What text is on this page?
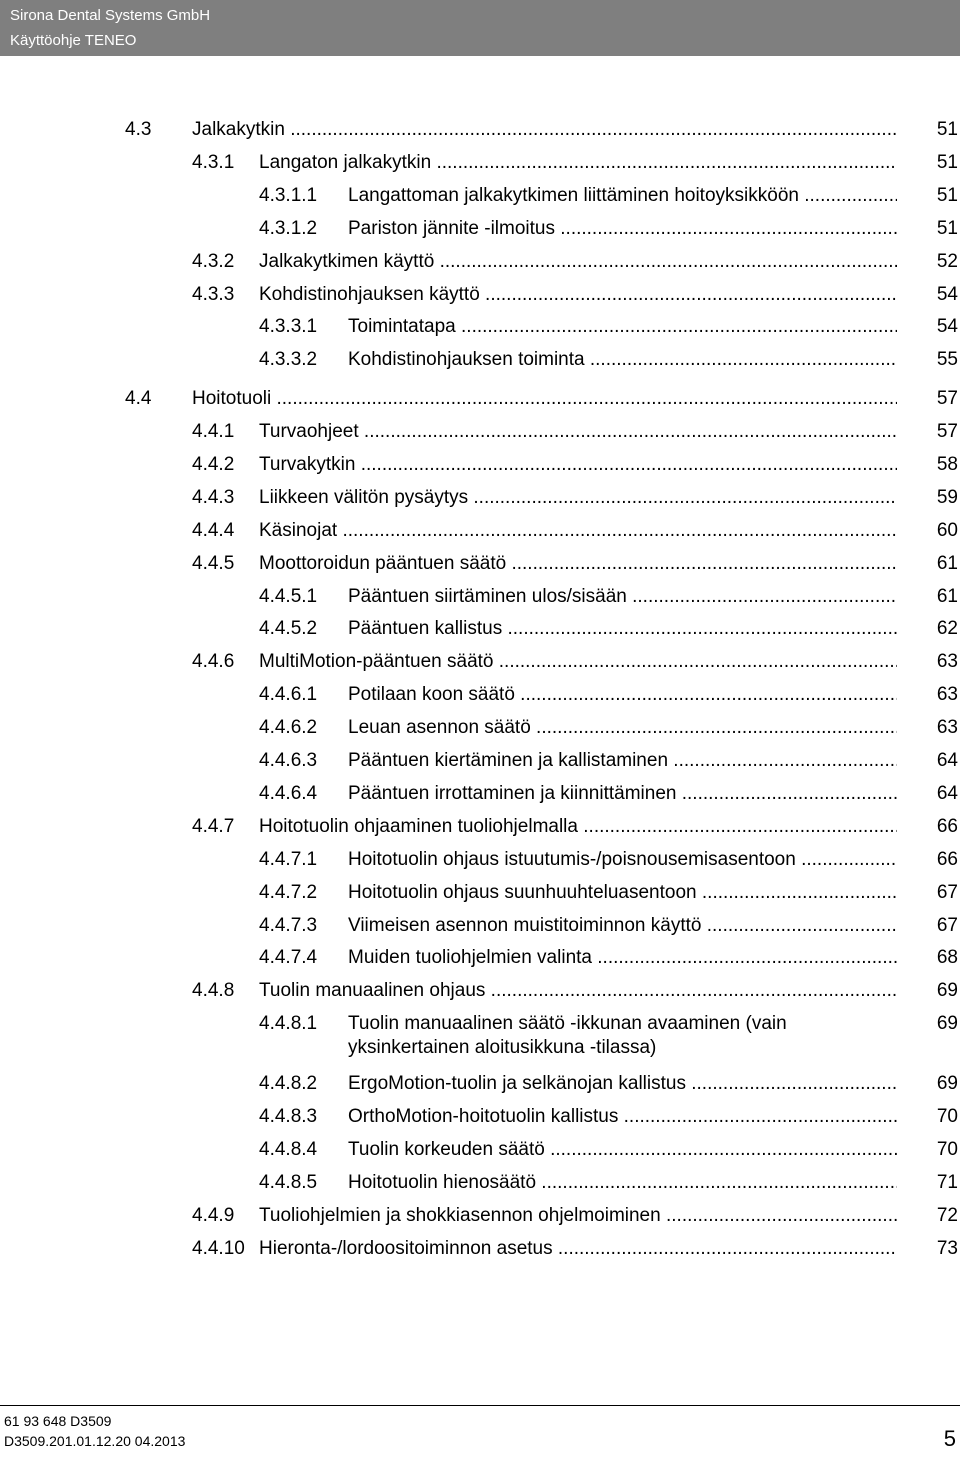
Sirona Dental Systems GmbH
Käyttöohje TENEO
4.3 Jalkakytkin .....	51
4.3.1 Langaton jalkakytkin .....	51
4.3.1.1 Langattoman jalkakytkimen liittäminen hoitoyksikköön .....	51
4.3.1.2 Pariston jännite -ilmoitus .....	51
4.3.2 Jalkakytkimen käyttö .....	52
4.3.3 Kohdistinohjauksen käyttö .....	54
4.3.3.1 Toimintatapa .....	54
4.3.3.2 Kohdistinohjauksen toiminta .....	55
4.4 Hoitotuoli .....	57
4.4.1 Turvaohjeet .....	57
4.4.2 Turvakytkin .....	58
4.4.3 Liikkeen välitön pysäytys .....	59
4.4.4 Käsinojat .....	60
4.4.5 Moottoroidun pääntuen säätö .....	61
4.4.5.1 Pääntuen siirtäminen ulos/sisään .....	61
4.4.5.2 Pääntuen kallistus .....	62
4.4.6 MultiMotion-pääntuen säätö .....	63
4.4.6.1 Potilaan koon säätö .....	63
4.4.6.2 Leuan asennon säätö .....	63
4.4.6.3 Pääntuen kiertäminen ja kallistaminen .....	64
4.4.6.4 Pääntuen irrottaminen ja kiinnittäminen .....	64
4.4.7 Hoitotuolin ohjaaminen tuoliohjelmalla .....	66
4.4.7.1 Hoitotuolin ohjaus istuutumis-/poisnousemisasentoon .....	66
4.4.7.2 Hoitotuolin ohjaus suunhuuhteluasentoon .....	67
4.4.7.3 Viimeisen asennon muistitoiminnon käyttö .....	67
4.4.7.4 Muiden tuoliohjelmien valinta .....	68
4.4.8 Tuolin manuaalinen ohjaus .....	69
4.4.8.1 Tuolin manuaalinen säätö -ikkunan avaaminen (vain yksinkertainen aloitusikkuna -tilassa)
69
4.4.8.2 ErgoMotion-tuolin ja selkänojan kallistus .....	69
4.4.8.3 OrthoMotion-hoitotuolin kallistus .....	70
4.4.8.4 Tuolin korkeuden säätö .....	70
4.4.8.5 Hoitotuolin hienosäätö .....	71
4.4.9 Tuoliohjelmien ja shokkiasennon ohjelmoiminen .....	72
4.4.10 Hieronta-/lordoositoiminnon asetus .....	73
61 93 648 D3509
D3509.201.01.12.20 04.2013	5
